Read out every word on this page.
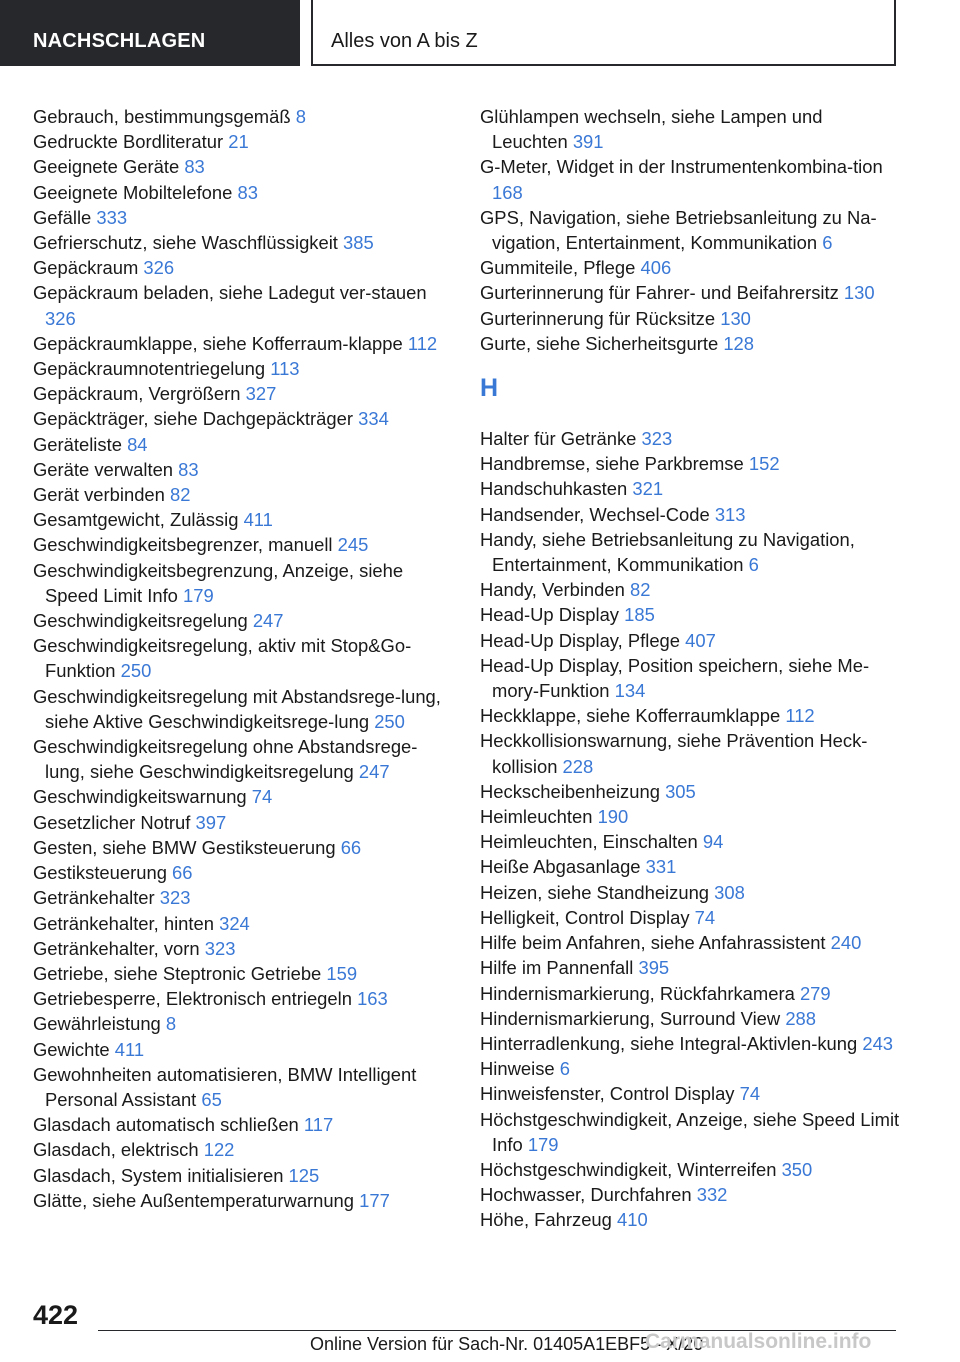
NACHSCHLAGEN	Alles von A bis Z
Gebrauch, bestimmungsgemäß 8
Gedruckte Bordliteratur 21
Geeignete Geräte 83
Geeignete Mobiltelefone 83
Gefälle 333
Gefrierschutz, siehe Waschflüssigkeit 385
Gepäckraum 326
Gepäckraum beladen, siehe Ladegut ver-stauen 326
Gepäckraumklappe, siehe Kofferraum-klappe 112
Gepäckraumnotentriegelung 113
Gepäckraum, Vergrößern 327
Gepäckträger, siehe Dachgepäckträger 334
Geräteliste 84
Geräte verwalten 83
Gerät verbinden 82
Gesamtgewicht, Zulässig 411
Geschwindigkeitsbegrenzer, manuell 245
Geschwindigkeitsbegrenzung, Anzeige, siehe Speed Limit Info 179
Geschwindigkeitsregelung 247
Geschwindigkeitsregelung, aktiv mit Stop&Go-Funktion 250
Geschwindigkeitsregelung mit Abstandsrege-lung, siehe Aktive Geschwindigkeitsrege-lung 250
Geschwindigkeitsregelung ohne Abstandsrege-lung, siehe Geschwindigkeitsregelung 247
Geschwindigkeitswarnung 74
Gesetzlicher Notruf 397
Gesten, siehe BMW Gestiksteuerung 66
Gestiksteuerung 66
Getränkehalter 323
Getränkehalter, hinten 324
Getränkehalter, vorn 323
Getriebe, siehe Steptronic Getriebe 159
Getriebesperre, Elektronisch entriegeln 163
Gewährleistung 8
Gewichte 411
Gewohnheiten automatisieren, BMW Intelligent Personal Assistant 65
Glasdach automatisch schließen 117
Glasdach, elektrisch 122
Glasdach, System initialisieren 125
Glätte, siehe Außentemperaturwarnung 177
Glühlampen wechseln, siehe Lampen und Leuchten 391
G-Meter, Widget in der Instrumentenkombina-tion 168
GPS, Navigation, siehe Betriebsanleitung zu Na-vigation, Entertainment, Kommunikation 6
Gummiteile, Pflege 406
Gurterinnerung für Fahrer- und Beifahrersitz 130
Gurterinnerung für Rücksitze 130
Gurte, siehe Sicherheitsgurte 128
H
Halter für Getränke 323
Handbremse, siehe Parkbremse 152
Handschuhkasten 321
Handsender, Wechsel-Code 313
Handy, siehe Betriebsanleitung zu Navigation, Entertainment, Kommunikation 6
Handy, Verbinden 82
Head-Up Display 185
Head-Up Display, Pflege 407
Head-Up Display, Position speichern, siehe Me-mory-Funktion 134
Heckklappe, siehe Kofferraumklappe 112
Heckkollisionswarnung, siehe Prävention Heck-kollision 228
Heckscheibenheizung 305
Heimleuchten 190
Heimleuchten, Einschalten 94
Heiße Abgasanlage 331
Heizen, siehe Standheizung 308
Helligkeit, Control Display 74
Hilfe beim Anfahren, siehe Anfahrassistent 240
Hilfe im Pannenfall 395
Hindernismarkierung, Rückfahrkamera 279
Hindernismarkierung, Surround View 288
Hinterradlenkung, siehe Integral-Aktivlen-kung 243
Hinweise 6
Hinweisfenster, Control Display 74
Höchstgeschwindigkeit, Anzeige, siehe Speed Limit Info 179
Höchstgeschwindigkeit, Winterreifen 350
Hochwasser, Durchfahren 332
Höhe, Fahrzeug 410
422
Online Version für Sach-Nr. 01405A1EBF5 - X/20
Carmanualsonline.info
